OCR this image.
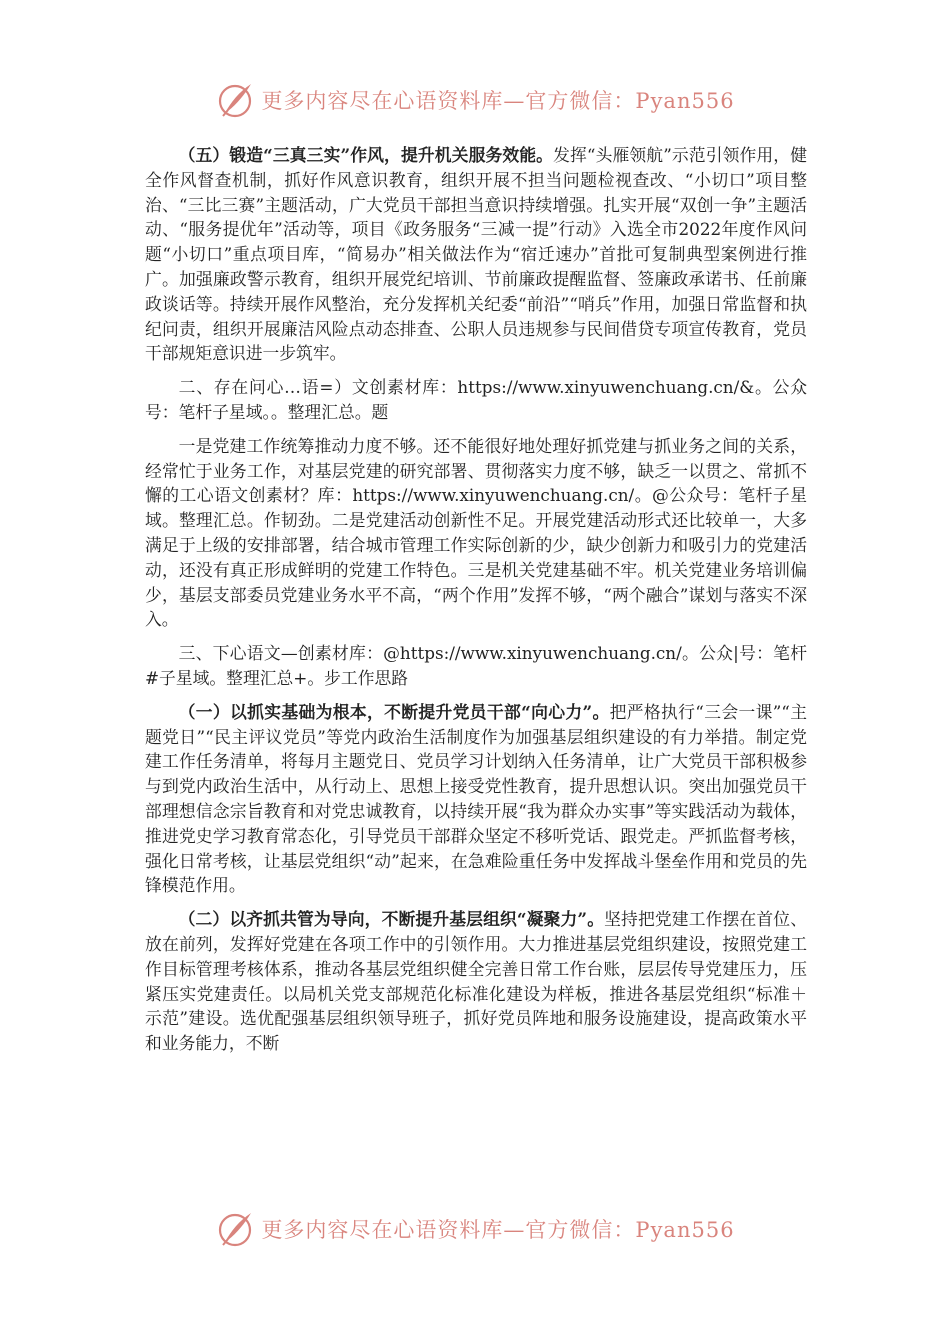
更多内容尽在心语资料库—官方微信：Pyan556

（五）锻造“三真三实”作风，提升机关服务效能。发挥“头雁领航”示范引领作用，健全作风督查机制，抓好作风意识教育，组织开展不担当问题检视查改、“小切口”项目整治、“三比三赛”主题活动，广大党员干部担当意识持续增强。扎实开展“双创一争”主题活动、“服务提优年”活动等，项目《政务服务“三减一提”行动》入选全市2022年度作风问题“小切口”重点项目库，“简易办”相关做法作为“宿迁速办”首批可复制典型案例进行推广。加强廉政警示教育，组织开展党纪培训、节前廉政提醒监督、签廉政承诺书、任前廉政谈话等。持续开展作风整治，充分发挥机关纪委“前沿”“哨兵”作用，加强日常监督和执纪问责，组织开展廉洁风险点动态排查、公职人员违规参与民间借贷专项宣传教育，党员干部规矩意识进一步筑牢。

二、存在问心…语=）文创素材库：https://www.xinyuwenchuang.cn/&。公众号：笔杆子星域。。整理汇总。题

一是党建工作统筹推动力度不够。还不能很好地处理好抓党建与抓业务之间的关系，经常忙于业务工作，对基层党建的研究部署、贯彻落实力度不够，缺乏一以贯之、常抓不懈的工心语文创素材？库：https://www.xinyuwenchuang.cn/。@公众号：笔杆子星域。整理汇总。作韧劲。二是党建活动创新性不足。开展党建活动形式还比较单一，大多满足于上级的安排部署，结合城市管理工作实际创新的少，缺少创新力和吸引力的党建活动，还没有真正形成鲜明的党建工作特色。三是机关党建基础不牢。机关党建业务培训偏少，基层支部委员党建业务水平不高，“两个作用”发挥不够，“两个融合”谋划与落实不深入。

三、下心语文—创素材库：@https://www.xinyuwenchuang.cn/。公众|号：笔杆#子星域。整理汇总+。步工作思路

（一）以抓实基础为根本，不断提升党员干部“向心力”。把严格执行“三会一课”“主题党日”“民主评议党员”等党内政治生活制度作为加强基层组织建设的有力举措。制定党建工作任务清单，将每月主题党日、党员学习计划纳入任务清单，让广大党员干部积极参与到党内政治生活中，从行动上、思想上接受党性教育，提升思想认识。突出加强党员干部理想信念宗旨教育和对党忠诚教育，以持续开展“我为群众办实事”等实践活动为载体，推进党史学习教育常态化，引导党员干部群众坚定不移听党话、跟党走。严抓监督考核，强化日常考核，让基层党组织“动”起来，在急难险重任务中发挥战斗堡垒作用和党员的先锋模范作用。

（二）以齐抓共管为导向，不断提升基层组织“凝聚力”。坚持把党建工作摆在首位、放在前列，发挥好党建在各项工作中的引领作用。大力推进基层党组织建设，按照党建工作目标管理考核体系，推动各基层党组织健全完善日常工作台账，层层传导党建压力，压紧压实党建责任。以局机关党支部规范化标准化建设为样板，推进各基层党组织“标准＋示范”建设。选优配强基层组织领导班子，抓好党员阵地和服务设施建设，提高政策水平和业务能力，不断

更多内容尽在心语资料库—官方微信：Pyan556
